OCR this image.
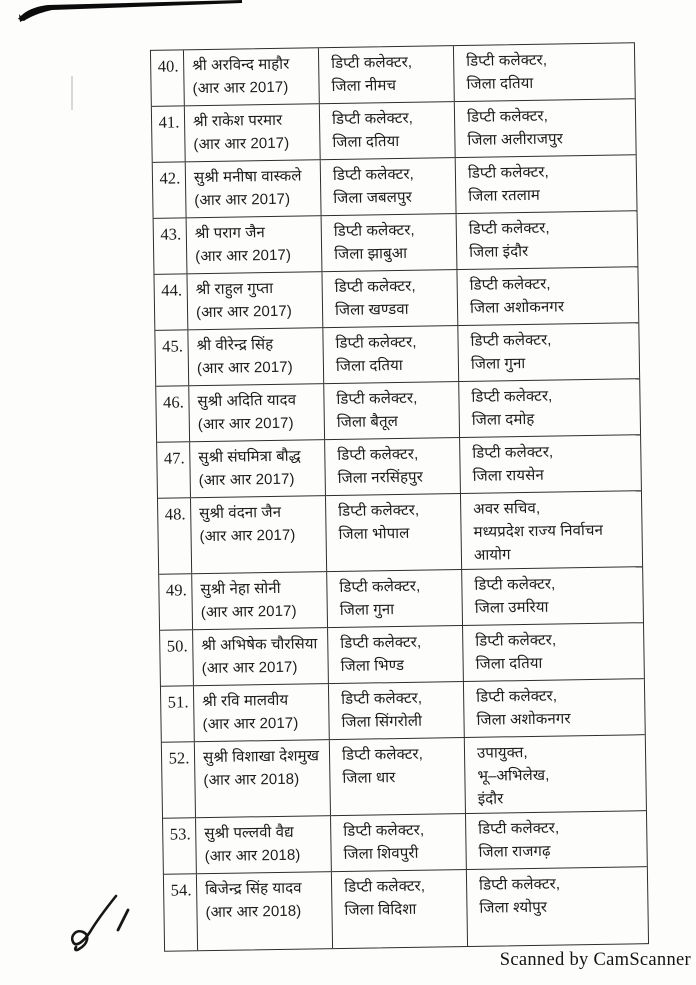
40. श्री अरविन्द माहौर
(आर आर 2017)
डिप्टी कलेक्टर,
जिला नीमच
डिप्टी कलेक्टर,
जिला दतिया
41. श्री राकेश परमार
(आर आर 2017)
डिप्टी कलेक्टर,
जिला दतिया
डिप्टी कलेक्टर,
जिला अलीराजपुर
42. सुश्री मनीषा वास्कले
(आर आर 2017)
डिप्टी कलेक्टर,
जिला जबलपुर
डिप्टी कलेक्टर,
जिला रतलाम
43. श्री पराग जैन
(आर आर 2017)
डिप्टी कलेक्टर,
जिला झाबुआ
डिप्टी कलेक्टर,
जिला इंदौर
44. श्री राहुल गुप्ता
(आर आर 2017)
डिप्टी कलेक्टर,
जिला खण्डवा
डिप्टी कलेक्टर,
जिला अशोकनगर
45. श्री वीरेन्द्र सिंह
(आर आर 2017)
डिप्टी कलेक्टर,
जिला दतिया
डिप्टी कलेक्टर,
जिला गुना
46. सुश्री अदिति यादव
(आर आर 2017)
डिप्टी कलेक्टर,
जिला बैतूल
डिप्टी कलेक्टर,
जिला दमोह
47. सुश्री संघमित्रा बौद्ध
(आर आर 2017)
डिप्टी कलेक्टर,
जिला नरसिंहपुर
डिप्टी कलेक्टर,
जिला रायसेन
48. सुश्री वंदना जैन
(आर आर 2017)
डिप्टी कलेक्टर,
जिला भोपाल
अवर सचिव,
मध्यप्रदेश राज्य निर्वाचन
आयोग
49. सुश्री नेहा सोनी
(आर आर 2017)
डिप्टी कलेक्टर,
जिला गुना
डिप्टी कलेक्टर,
जिला उमरिया
50. श्री अभिषेक चौरसिया
(आर आर 2017)
डिप्टी कलेक्टर,
जिला भिण्ड
डिप्टी कलेक्टर,
जिला दतिया
51. श्री रवि मालवीय
(आर आर 2017)
डिप्टी कलेक्टर,
जिला सिंगरोली
डिप्टी कलेक्टर,
जिला अशोकनगर
52. सुश्री विशाखा देशमुख
(आर आर 2018)
डिप्टी कलेक्टर,
जिला धार
उपायुक्त,
भू–अभिलेख,
इंदौर
53. सुश्री पल्लवी वैद्य
(आर आर 2018)
डिप्टी कलेक्टर,
जिला शिवपुरी
डिप्टी कलेक्टर,
जिला राजगढ़
54. बिजेन्द्र सिंह यादव
(आर आर 2018)
डिप्टी कलेक्टर,
जिला विदिशा
डिप्टी कलेक्टर,
जिला श्योपुर
Scanned by CamScanner
